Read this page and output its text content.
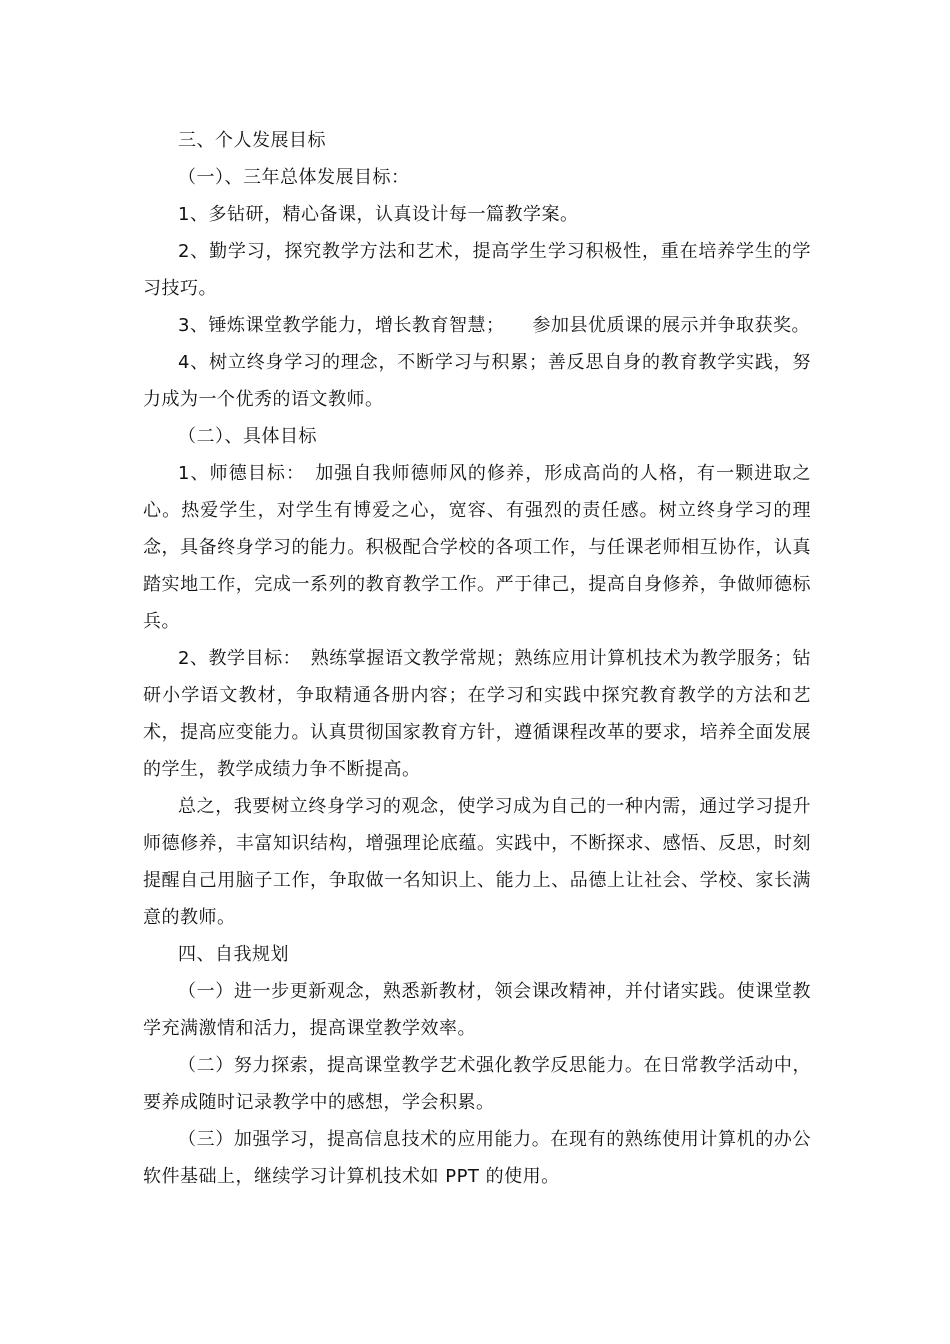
三、个人发展目标

（一）、三年总体发展目标：

1、多钻研，精心备课，认真设计每一篇教学案。

2、勤学习，探究教学方法和艺术，提高学生学习积极性，重在培养学生的学习技巧。

3、锤炼课堂教学能力，增长教育智慧；　　参加县优质课的展示并争取获奖。

4、树立终身学习的理念，不断学习与积累；善反思自身的教育教学实践，努力成为一个优秀的语文教师。

（二）、具体目标

1、师德目标：　加强自我师德师风的修养，形成高尚的人格，有一颗进取之心。热爱学生，对学生有博爱之心，宽容、有强烈的责任感。树立终身学习的理念，具备终身学习的能力。积极配合学校的各项工作，与任课老师相互协作，认真踏实地工作，完成一系列的教育教学工作。严于律己，提高自身修养，争做师德标兵。

2、教学目标：　熟练掌握语文教学常规；熟练应用计算机技术为教学服务；钻研小学语文教材，争取精通各册内容；在学习和实践中探究教育教学的方法和艺术，提高应变能力。认真贯彻国家教育方针，遵循课程改革的要求，培养全面发展的学生，教学成绩力争不断提高。

总之，我要树立终身学习的观念，使学习成为自己的一种内需，通过学习提升师德修养，丰富知识结构，增强理论底蕴。实践中，不断探求、感悟、反思，时刻提醒自己用脑子工作，争取做一名知识上、能力上、品德上让社会、学校、家长满意的教师。

四、自我规划

（一）进一步更新观念，熟悉新教材，领会课改精神，并付诸实践。使课堂教学充满激情和活力，提高课堂教学效率。

（二）努力探索，提高课堂教学艺术强化教学反思能力。在日常教学活动中，要养成随时记录教学中的感想，学会积累。

（三）加强学习，提高信息技术的应用能力。在现有的熟练使用计算机的办公软件基础上，继续学习计算机技术如 PPT 的使用。
